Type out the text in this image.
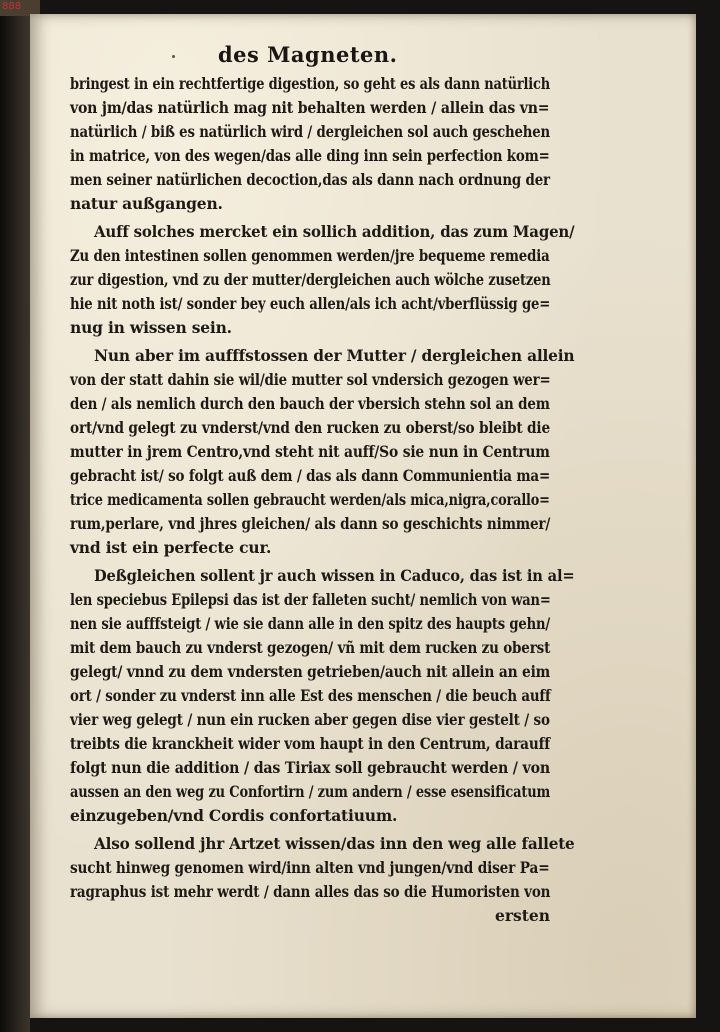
888
des Magneten.
bringest in ein rechtfertige digestion, so geht es als dann natürlich
von jm/das natürlich mag nit behalten werden / allein das vn=
natürlich / biß es natürlich wird / dergleichen sol auch geschehen
in matrice, von des wegen/das alle ding inn sein perfection kom=
men seiner natürlichen decoction,das als dann nach ordnung der
natur außgangen.
Auff solches mercket ein sollich addition, das zum Magen/
Zu den intestinen sollen genommen werden/jre bequeme remedia
zur digestion, vnd zu der mutter/dergleichen auch wölche zusetzen
hie nit noth ist/ sonder bey euch allen/als ich acht/vberflüssig ge=
nug in wissen sein.
Nun aber im aufffstossen der Mutter / dergleichen allein
von der statt dahin sie wil/die mutter sol vndersich gezogen wer=
den / als nemlich durch den bauch der vbersich stehn sol an dem
ort/vnd gelegt zu vnderst/vnd den rucken zu oberst/so bleibt die
mutter in jrem Centro,vnd steht nit auff/So sie nun in Centrum
gebracht ist/ so folgt auß dem / das als dann Communientia ma=
trice medicamenta sollen gebraucht werden/als mica,nigra,corallo=
rum,perlare, vnd jhres gleichen/ als dann so geschichts nimmer/
vnd ist ein perfecte cur.
Deßgleichen sollent jr auch wissen in Caduco, das ist in al=
len speciebus Epilepsi das ist der falleten sucht/ nemlich von wan=
nen sie aufffsteigt / wie sie dann alle in den spitz des haupts gehn/
mit dem bauch zu vnderst gezogen/ vñ mit dem rucken zu oberst
gelegt/ vnnd zu dem vndersten getrieben/auch nit allein an eim
ort / sonder zu vnderst inn alle Est des menschen / die beuch auff
vier weg gelegt / nun ein rucken aber gegen dise vier gestelt / so
treibts die kranckheit wider vom haupt in den Centrum, darauff
folgt nun die addition / das Tiriax soll gebraucht werden / von
aussen an den weg zu Confortirn / zum andern / esse esensificatum
einzugeben/vnd Cordis confortatiuum.
Also sollend jhr Artzet wissen/das inn den weg alle fallete
sucht hinweg genomen wird/inn alten vnd jungen/vnd diser Pa=
ragraphus ist mehr werdt / dann alles das so die Humoristen von
ersten
